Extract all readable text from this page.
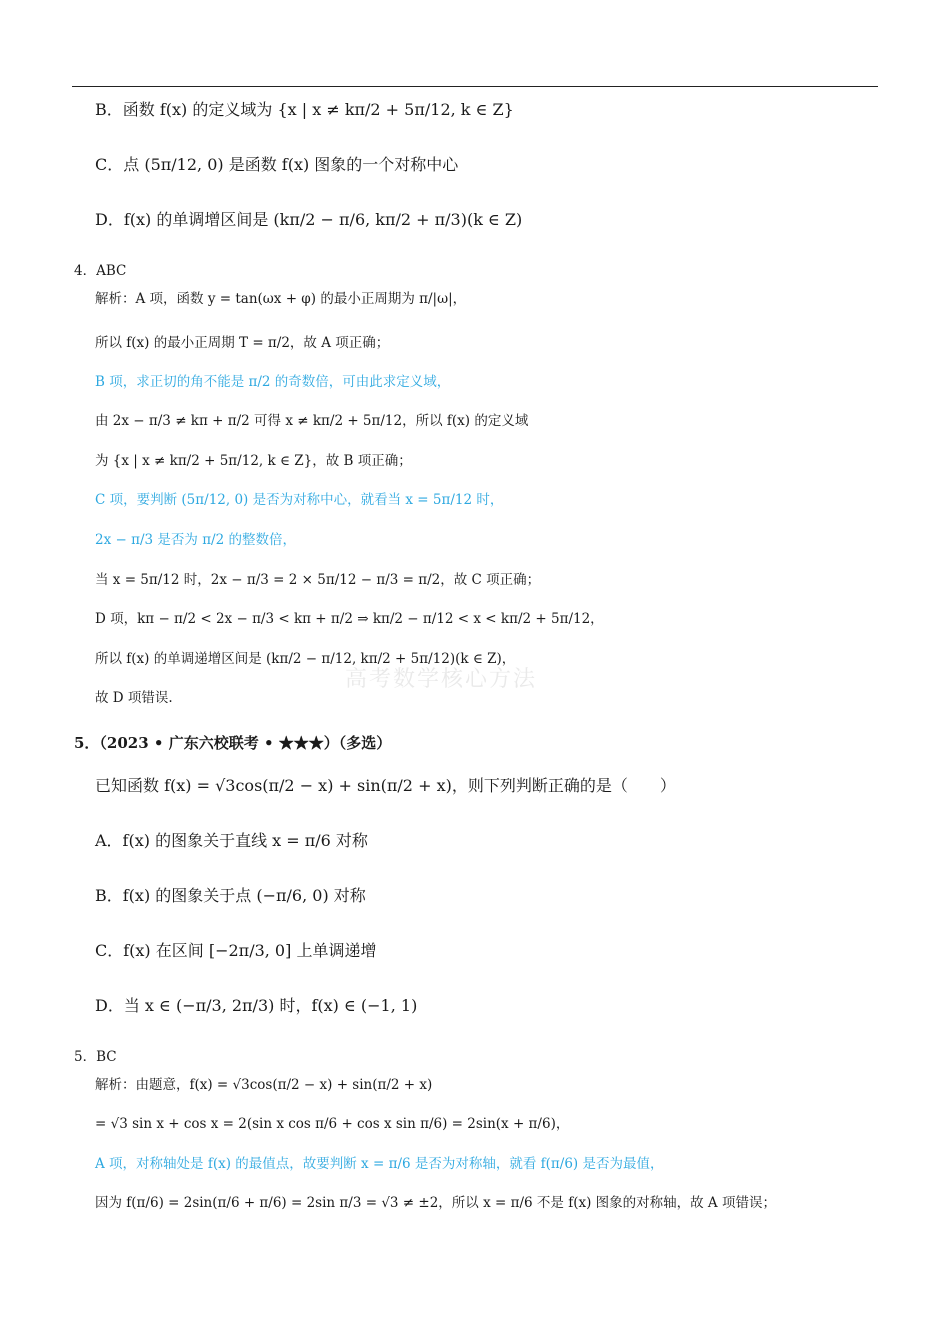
B．函数 f(x) 的定义域为 {x | x ≠ kπ/2 + 5π/12, k ∈ Z}
C．点 (5π/12, 0) 是函数 f(x) 图象的一个对称中心
D．f(x) 的单调增区间是 (kπ/2 − π/6, kπ/2 + π/3)(k ∈ Z)
4．ABC
解析：A 项，函数 y = tan(ωx + φ) 的最小正周期为 π/|ω|，
所以 f(x) 的最小正周期 T = π/2，故 A 项正确；
B 项，求正切的角不能是 π/2 的奇数倍，可由此求定义域，
由 2x − π/3 ≠ kπ + π/2 可得 x ≠ kπ/2 + 5π/12，所以 f(x) 的定义域
为 {x | x ≠ kπ/2 + 5π/12, k ∈ Z}，故 B 项正确；
C 项，要判断 (5π/12, 0) 是否为对称中心，就看当 x = 5π/12 时，
2x − π/3 是否为 π/2 的整数倍，
当 x = 5π/12 时，2x − π/3 = 2 × 5π/12 − π/3 = π/2，故 C 项正确；
D 项，kπ − π/2 < 2x − π/3 < kπ + π/2 ⇒ kπ/2 − π/12 < x < kπ/2 + 5π/12，
所以 f(x) 的单调递增区间是 (kπ/2 − π/12, kπ/2 + 5π/12)(k ∈ Z)，
故 D 项错误.
高考数学核心方法
5．（2023 • 广东六校联考 • ★★★）（多选）
已知函数 f(x) = √3cos(π/2 − x) + sin(π/2 + x)，则下列判断正确的是（　　）
A．f(x) 的图象关于直线 x = π/6 对称
B．f(x) 的图象关于点 (−π/6, 0) 对称
C．f(x) 在区间 [−2π/3, 0] 上单调递增
D．当 x ∈ (−π/3, 2π/3) 时，f(x) ∈ (−1, 1)
5．BC
解析：由题意，f(x) = √3cos(π/2 − x) + sin(π/2 + x)
= √3 sin x + cos x = 2(sin x cos π/6 + cos x sin π/6) = 2sin(x + π/6)，
A 项，对称轴处是 f(x) 的最值点，故要判断 x = π/6 是否为对称轴，就看 f(π/6) 是否为最值，
因为 f(π/6) = 2sin(π/6 + π/6) = 2sin π/3 = √3 ≠ ±2，所以 x = π/6 不是 f(x) 图象的对称轴，故 A 项错误；
